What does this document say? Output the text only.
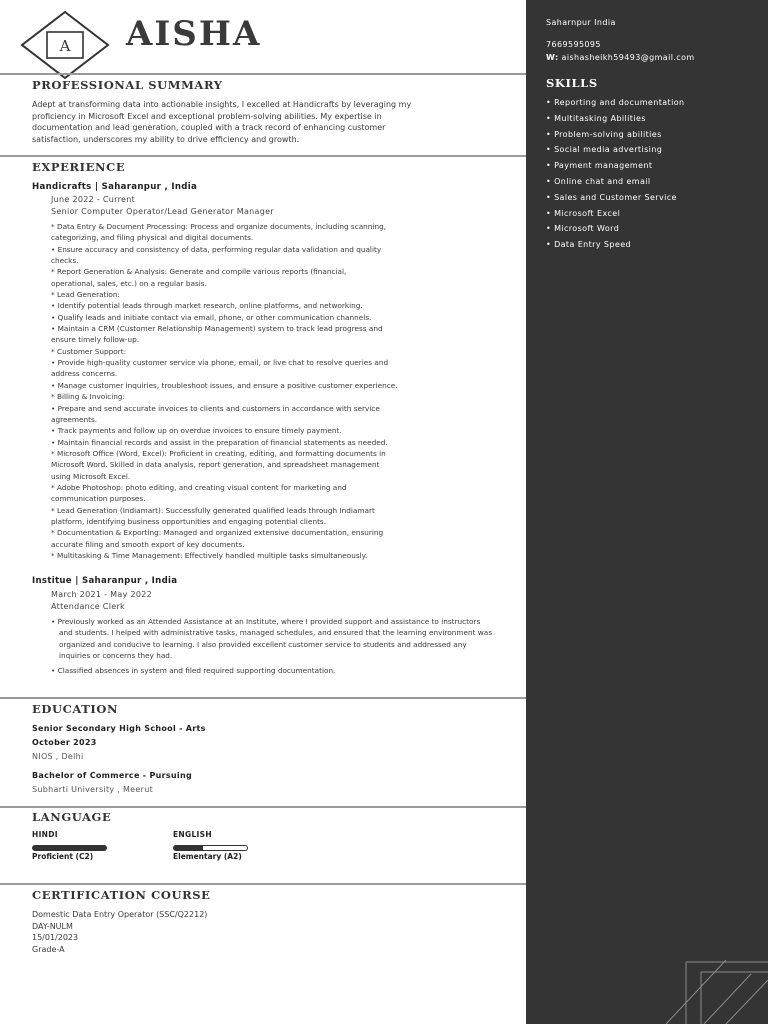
A AISHA
PROFESSIONAL SUMMARY
Adept at transforming data into actionable insights, I excelled at Handicrafts by leveraging my
proficiency in Microsoft Excel and exceptional problem-solving abilities. My expertise in
documentation and lead generation, coupled with a track record of enhancing customer
satisfaction, underscores my ability to drive efficiency and growth.
EXPERIENCE
Handicrafts | Saharanpur , India
June 2022 - Current
Senior Computer Operator/Lead Generator Manager
* Data Entry & Document Processing: Process and organize documents, including scanning,
categorizing, and filing physical and digital documents.
• Ensure accuracy and consistency of data, performing regular data validation and quality
checks.
* Report Generation & Analysis: Generate and compile various reports (financial,
operational, sales, etc.) on a regular basis.
* Lead Generation:
• Identify potential leads through market research, online platforms, and networking.
• Qualify leads and initiate contact via email, phone, or other communication channels.
• Maintain a CRM (Customer Relationship Management) system to track lead progress and
ensure timely follow-up.
* Customer Support:
• Provide high-quality customer service via phone, email, or live chat to resolve queries and
address concerns.
• Manage customer inquiries, troubleshoot issues, and ensure a positive customer experience.
* Billing & Invoicing:
• Prepare and send accurate invoices to clients and customers in accordance with service
agreements.
• Track payments and follow up on overdue invoices to ensure timely payment.
• Maintain financial records and assist in the preparation of financial statements as needed.
* Microsoft Office (Word, Excel): Proficient in creating, editing, and formatting documents in
Microsoft Word. Skilled in data analysis, report generation, and spreadsheet management
using Microsoft Excel.
* Adobe Photoshop: photo editing, and creating visual content for marketing and
communication purposes.
* Lead Generation (Indiamart): Successfully generated qualified leads through Indiamart
platform, identifying business opportunities and engaging potential clients.
* Documentation & Exporting: Managed and organized extensive documentation, ensuring
accurate filing and smooth export of key documents.
* Multitasking & Time Management: Effectively handled multiple tasks simultaneously.
Institue | Saharanpur , India
March 2021 - May 2022
Attendance Clerk
• Previously worked as an Attended Assistance at an Institute, where I provided support and assistance to instructors and students. I helped with administrative tasks, managed schedules, and ensured that the learning environment was organized and conducive to learning. I also provided excellent customer service to students and addressed any inquiries or concerns they had.
• Classified absences in system and filed required supporting documentation.
EDUCATION
Senior Secondary High School - Arts
October 2023
NIOS , Delhi
Bachelor of Commerce - Pursuing
Subharti University , Meerut
LANGUAGE
HINDI
Proficient (C2)
ENGLISH
Elementary (A2)
CERTIFICATION COURSE
Domestic Data Entry Operator (SSC/Q2212)
DAY-NULM
15/01/2023
Grade-A
Saharnpur India
7669595095
W: aishasheikh59493@gmail.com
SKILLS
• Reporting and documentation
• Multitasking Abilities
• Problem-solving abilities
• Social media advertising
• Payment management
• Online chat and email
• Sales and Customer Service
• Microsoft Excel
• Microsoft Word
• Data Entry Speed
